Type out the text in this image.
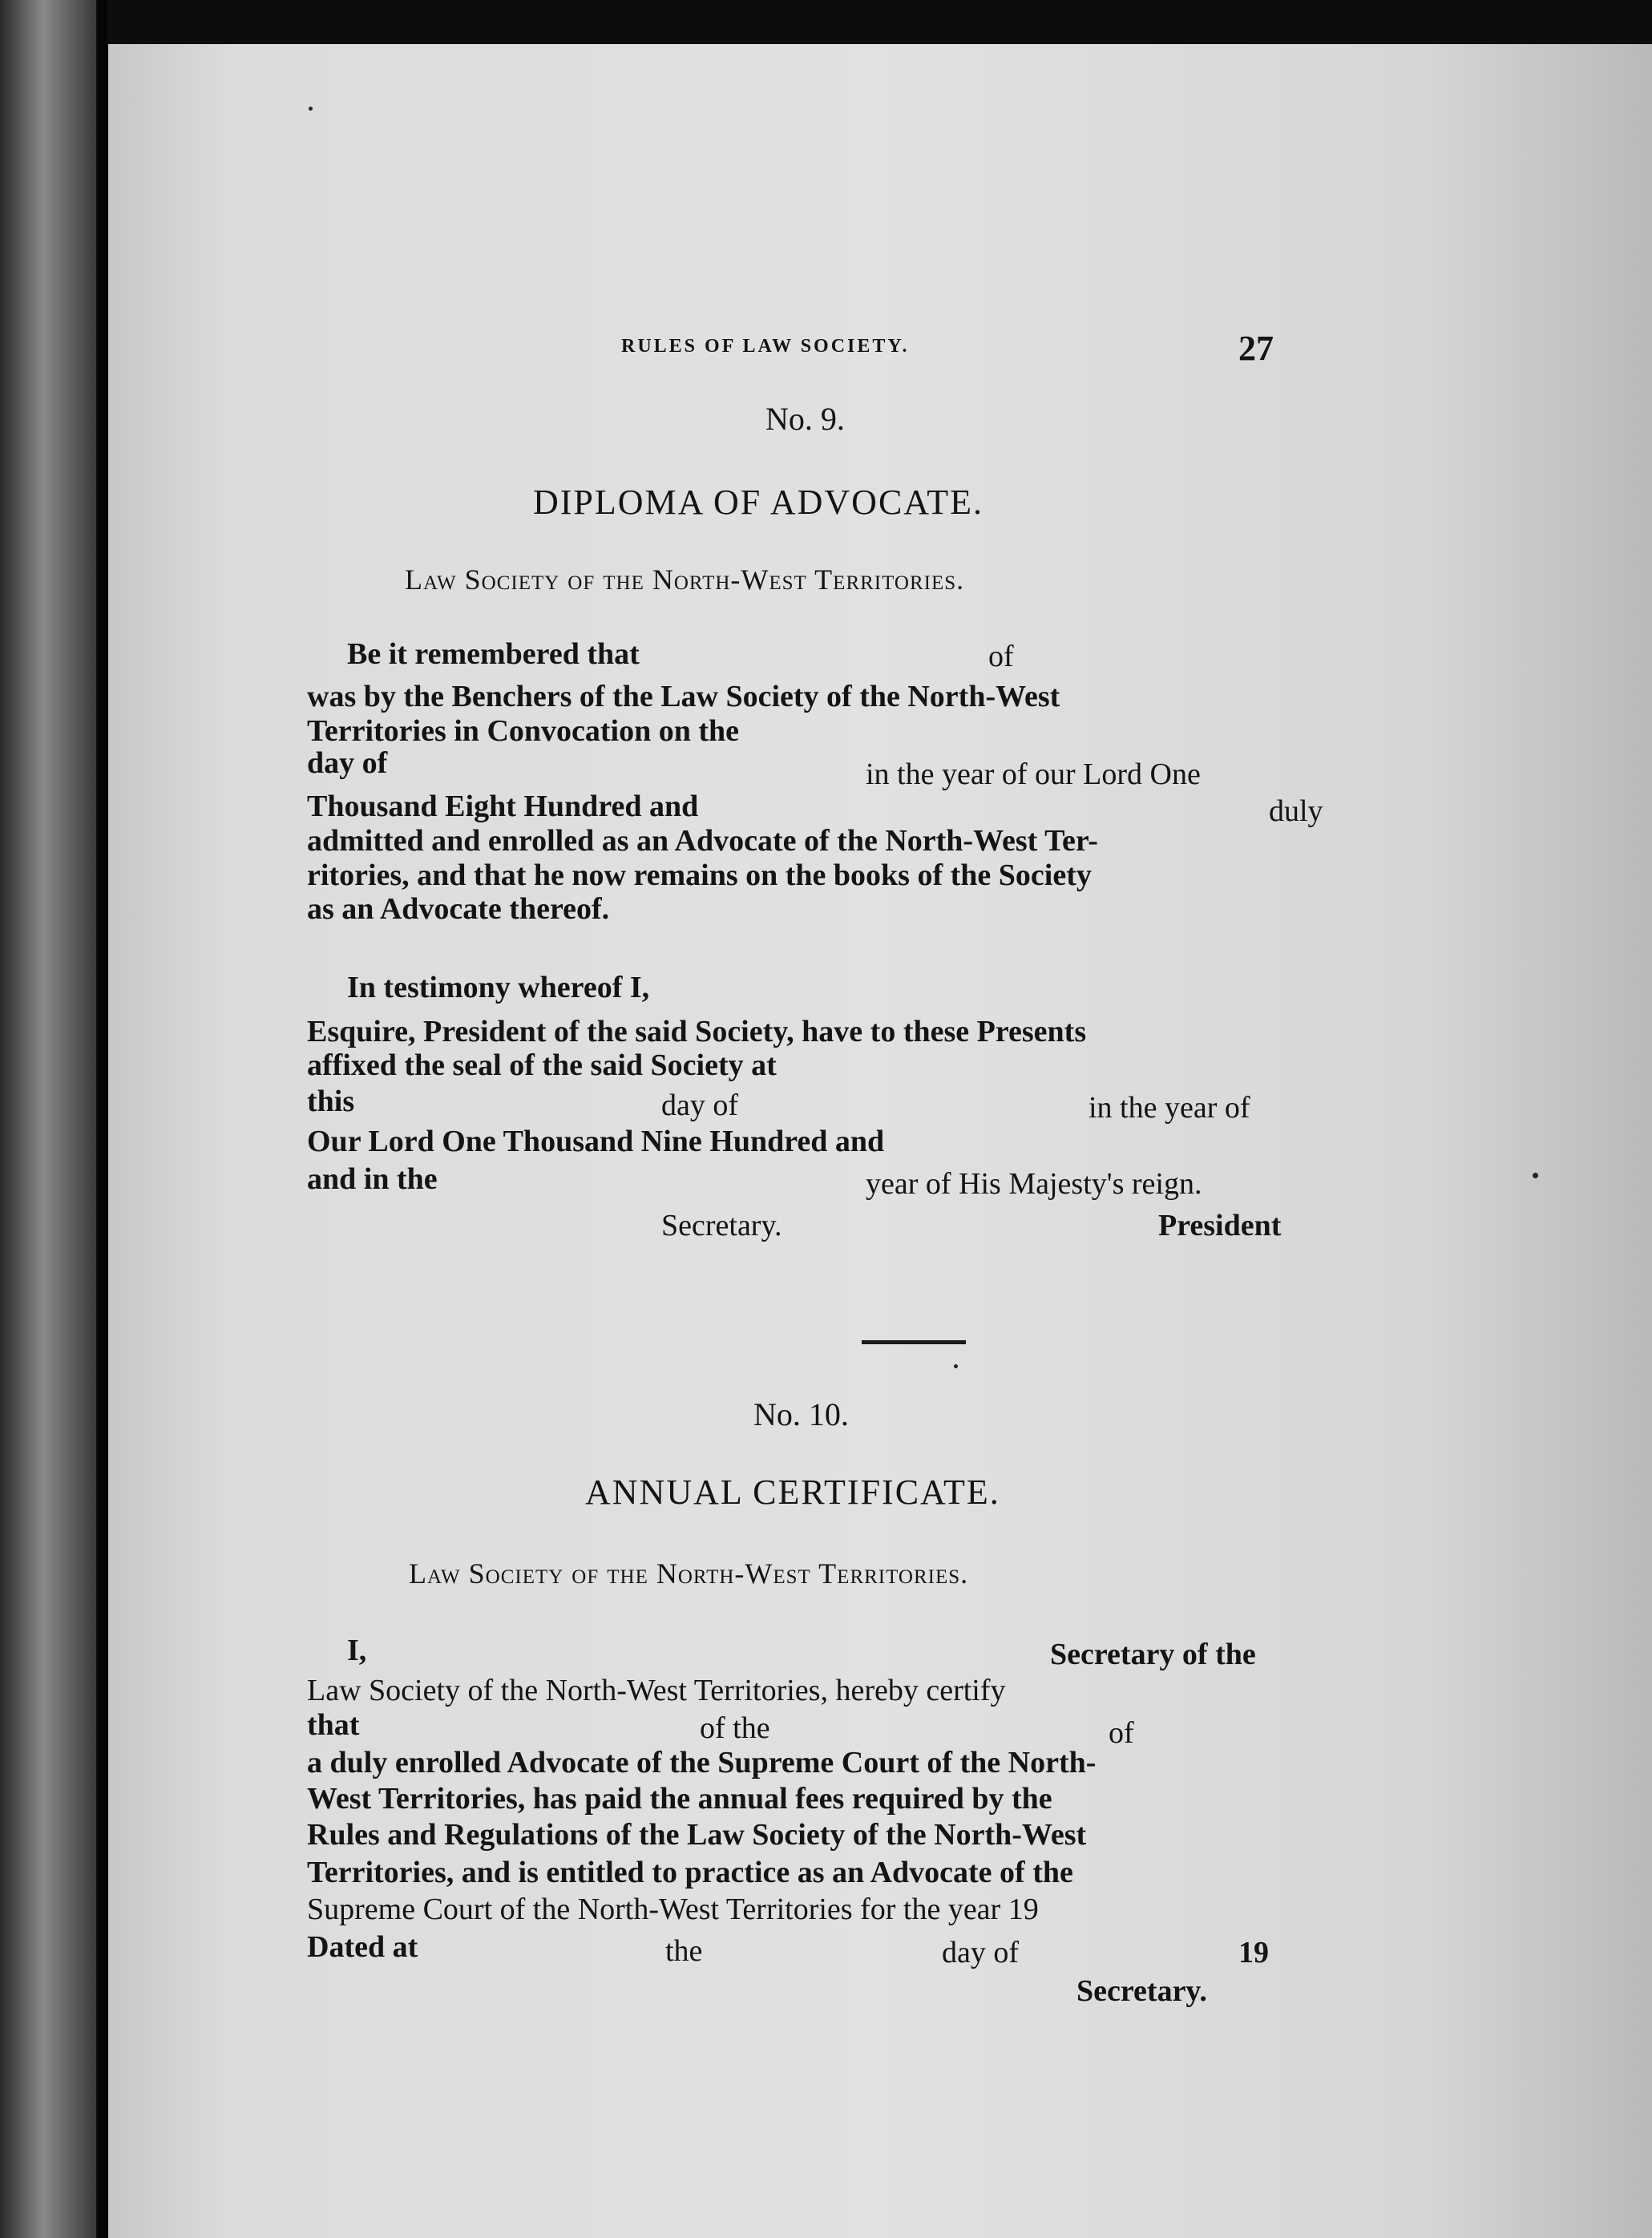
RULES OF LAW SOCIETY.	27
No. 9.
DIPLOMA OF ADVOCATE.
Law Society of the North-West Territories.
Be it remembered that	of
was by the Benchers of the Law Society of the North-West
Territories in Convocation on the
day of	in the year of our Lord One
Thousand Eight Hundred and	duly
admitted and enrolled as an Advocate of the North-West Ter-
ritories, and that he now remains on the books of the Society
as an Advocate thereof.
In testimony whereof I,
Esquire, President of the said Society, have to these Presents
affixed the seal of the said Society at
this	day of	in the year of
Our Lord One Thousand Nine Hundred and
and in the	year of His Majesty's reign.
Secretary.	President
No. 10.
ANNUAL CERTIFICATE.
Law Society of the North-West Territories.
I,	Secretary of the
Law Society of the North-West Territories, hereby certify
that	of the	of
a duly enrolled Advocate of the Supreme Court of the North-
West Territories, has paid the annual fees required by the
Rules and Regulations of the Law Society of the North-West
Territories, and is entitled to practice as an Advocate of the
Supreme Court of the North-West Territories for the year 19
Dated at	the	day of	19
Secretary.
